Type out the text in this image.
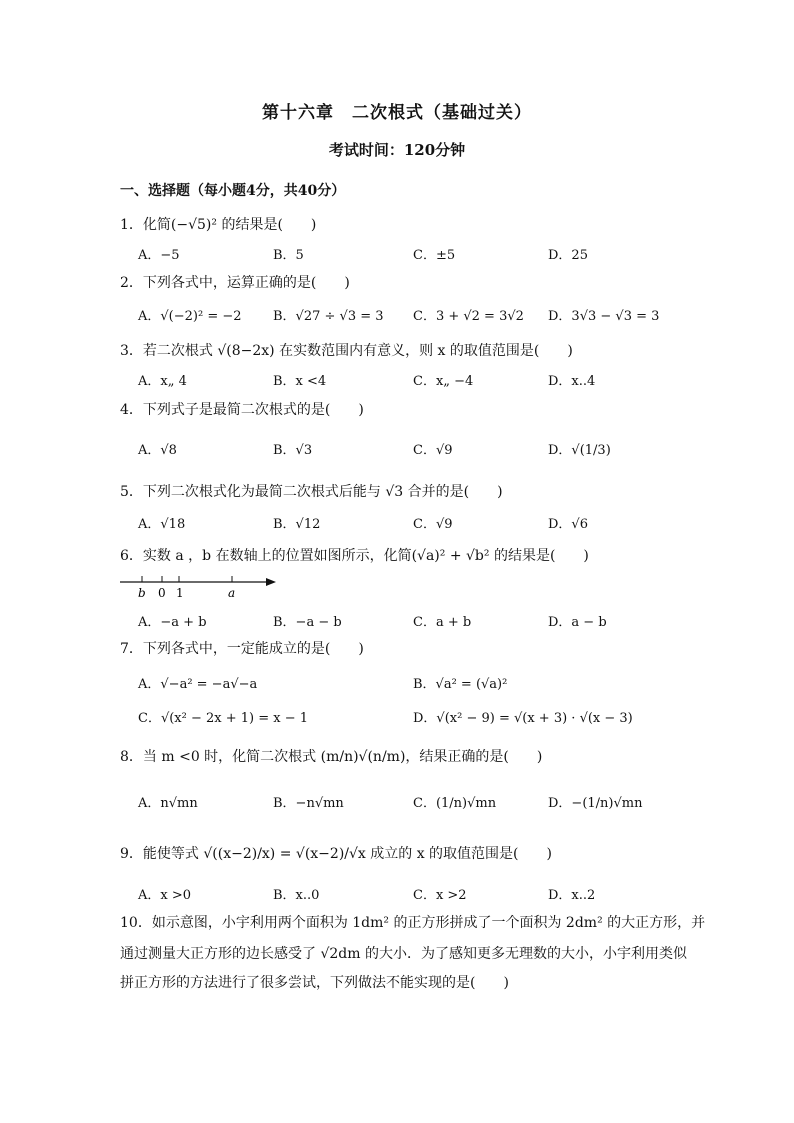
第十六章　二次根式（基础过关）
考试时间：120分钟
一、选择题（每小题4分，共40分）
1．化简(−√5)² 的结果是(　　)
A．−5	B．5	C．±5	D．25
2．下列各式中，运算正确的是(　　)
A．√(−2)² = −2 B．√27 ÷ √3 = 3 C．3 + √2 = 3√2 D．3√3 − √3 = 3
3．若二次根式 √(8−2x) 在实数范围内有意义，则 x 的取值范围是(　　)
A．x„ 4	B．x <4	C．x„ −4	D．x..4
4．下列式子是最简二次根式的是(　　)
A．√8	B．√3	C．√9	D．√(1/3)
5．下列二次根式化为最简二次根式后能与 √3 合并的是(　　)
A．√18	B．√12	C．√9	D．√6
6．实数 a ，b 在数轴上的位置如图所示，化简(√a)² + √b² 的结果是(　　)
b 0 1	a
A．−a + b	B．−a − b	C．a + b	D．a − b
7．下列各式中，一定能成立的是(　　)
A．√−a² = −a√−a	B．√a² = (√a)²
C．√(x² − 2x + 1) = x − 1	D．√(x² − 9) = √(x + 3) · √(x − 3)
8．当 m <0 时，化简二次根式 (m/n)√(n/m)，结果正确的是(　　)
A．n√mn	B．−n√mn	C．(1/n)√mn	D．−(1/n)√mn
9．能使等式 √((x−2)/x) = √(x−2)/√x 成立的 x 的取值范围是(　　)
A．x >0	B．x..0	C．x >2	D．x..2
10．如示意图，小宇利用两个面积为 1dm² 的正方形拼成了一个面积为 2dm² 的大正方形，并
通过测量大正方形的边长感受了 √2dm 的大小．为了感知更多无理数的大小，小宇利用类似
拼正方形的方法进行了很多尝试，下列做法不能实现的是(　　)
